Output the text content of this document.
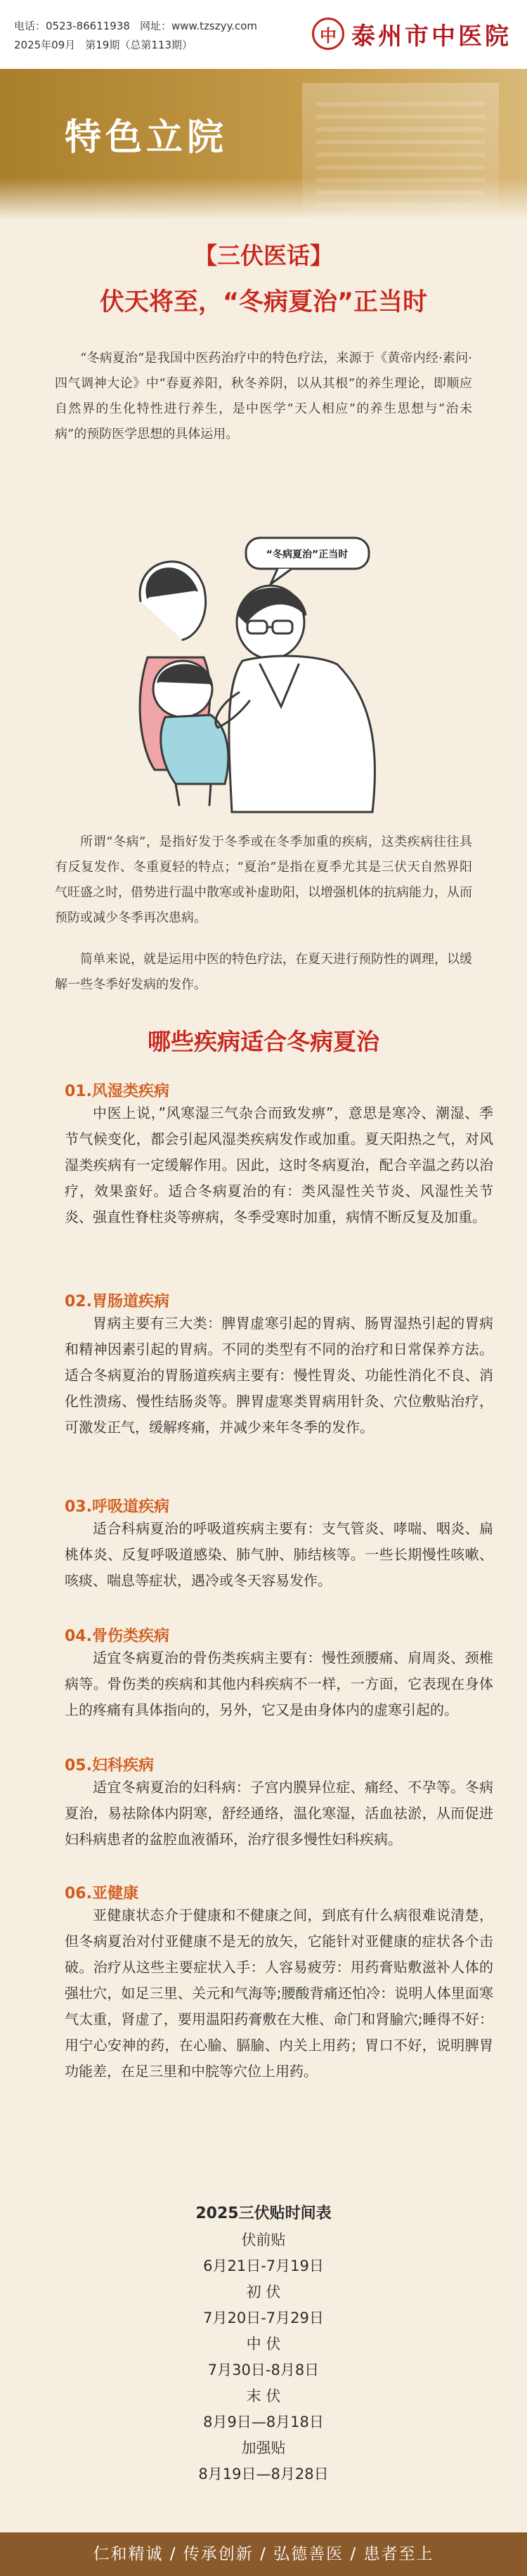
电话：0523-86611938 网址：www.tzszyy.com
2025年09月 第19期（总第113期）	中 泰州市中医院
特色立院
【三伏医话】
伏天将至，“冬病夏治”正当时
“冬病夏治”是我国中医药治疗中的特色疗法，来源于《黄帝内经·素问·四气调神大论》中“春夏养阳，秋冬养阴，以从其根”的养生理论，即顺应自然界的生化特性进行养生，是中医学“天人相应”的养生思想与“治未病”的预防医学思想的具体运用。
“冬病夏治”正当时
所谓“冬病”，是指好发于冬季或在冬季加重的疾病，这类疾病往往具有反复发作、冬重夏轻的特点；“夏治”是指在夏季尤其是三伏天自然界阳气旺盛之时，借势进行温中散寒或补虚助阳，以增强机体的抗病能力，从而预防或减少冬季再次患病。
简单来说，就是运用中医的特色疗法，在夏天进行预防性的调理，以缓解一些冬季好发病的发作。
哪些疾病适合冬病夏治
01.风湿类疾病
中医上说，”风寒湿三气杂合而致发痹”，意思是寒冷、潮湿、季节气候变化，都会引起风湿类疾病发作或加重。夏天阳热之气，对风湿类疾病有一定缓解作用。因此，这时冬病夏治，配合辛温之药以治疗，效果蛮好。适合冬病夏治的有：类风湿性关节炎、风湿性关节炎、强直性脊柱炎等痹病，冬季受寒时加重，病情不断反复及加重。
02.胃肠道疾病
胃病主要有三大类：脾胃虚寒引起的胃病、肠胃湿热引起的胃病和精神因素引起的胃病。不同的类型有不同的治疗和日常保养方法。适合冬病夏治的胃肠道疾病主要有：慢性胃炎、功能性消化不良、消化性溃疡、慢性结肠炎等。脾胃虚寒类胃病用针灸、穴位敷贴治疗，可激发正气，缓解疼痛，并减少来年冬季的发作。
03.呼吸道疾病
适合科病夏治的呼吸道疾病主要有：支气管炎、哮喘、咽炎、扁桃体炎、反复呼吸道感染、肺气肿、肺结核等。一些长期慢性咳嗽、咳痰、喘息等症状，遇冷或冬天容易发作。
04.骨伤类疾病
适宜冬病夏治的骨伤类疾病主要有：慢性颈腰痛、肩周炎、颈椎病等。骨伤类的疾病和其他内科疾病不一样，一方面，它表现在身体上的疼痛有具体指向的，另外，它又是由身体内的虚寒引起的。
05.妇科疾病
适宜冬病夏治的妇科病：子宫内膜异位症、痛经、不孕等。冬病夏治，易祛除体内阴寒，舒经通络，温化寒湿，活血祛淤，从而促进妇科病患者的盆腔血液循环，治疗很多慢性妇科疾病。
06.亚健康
亚健康状态介于健康和不健康之间，到底有什么病很难说清楚，但冬病夏治对付亚健康不是无的放矢，它能针对亚健康的症状各个击破。治疗从这些主要症状入手：人容易疲劳：用药膏贴敷滋补人体的强壮穴，如足三里、关元和气海等;腰酸背痛还怕冷：说明人体里面寒气太重，肾虚了，要用温阳药膏敷在大椎、命门和肾腧穴;睡得不好：用宁心安神的药，在心腧、膈腧、内关上用药；胃口不好，说明脾胃功能差，在足三里和中脘等穴位上用药。
2025三伏贴时间表
伏前贴
6月21日-7月19日
初 伏
7月20日-7月29日
中 伏
7月30日-8月8日
末 伏
8月9日—8月18日
加强贴
8月19日—8月28日
仁和精诚 / 传承创新 / 弘德善医 / 患者至上
